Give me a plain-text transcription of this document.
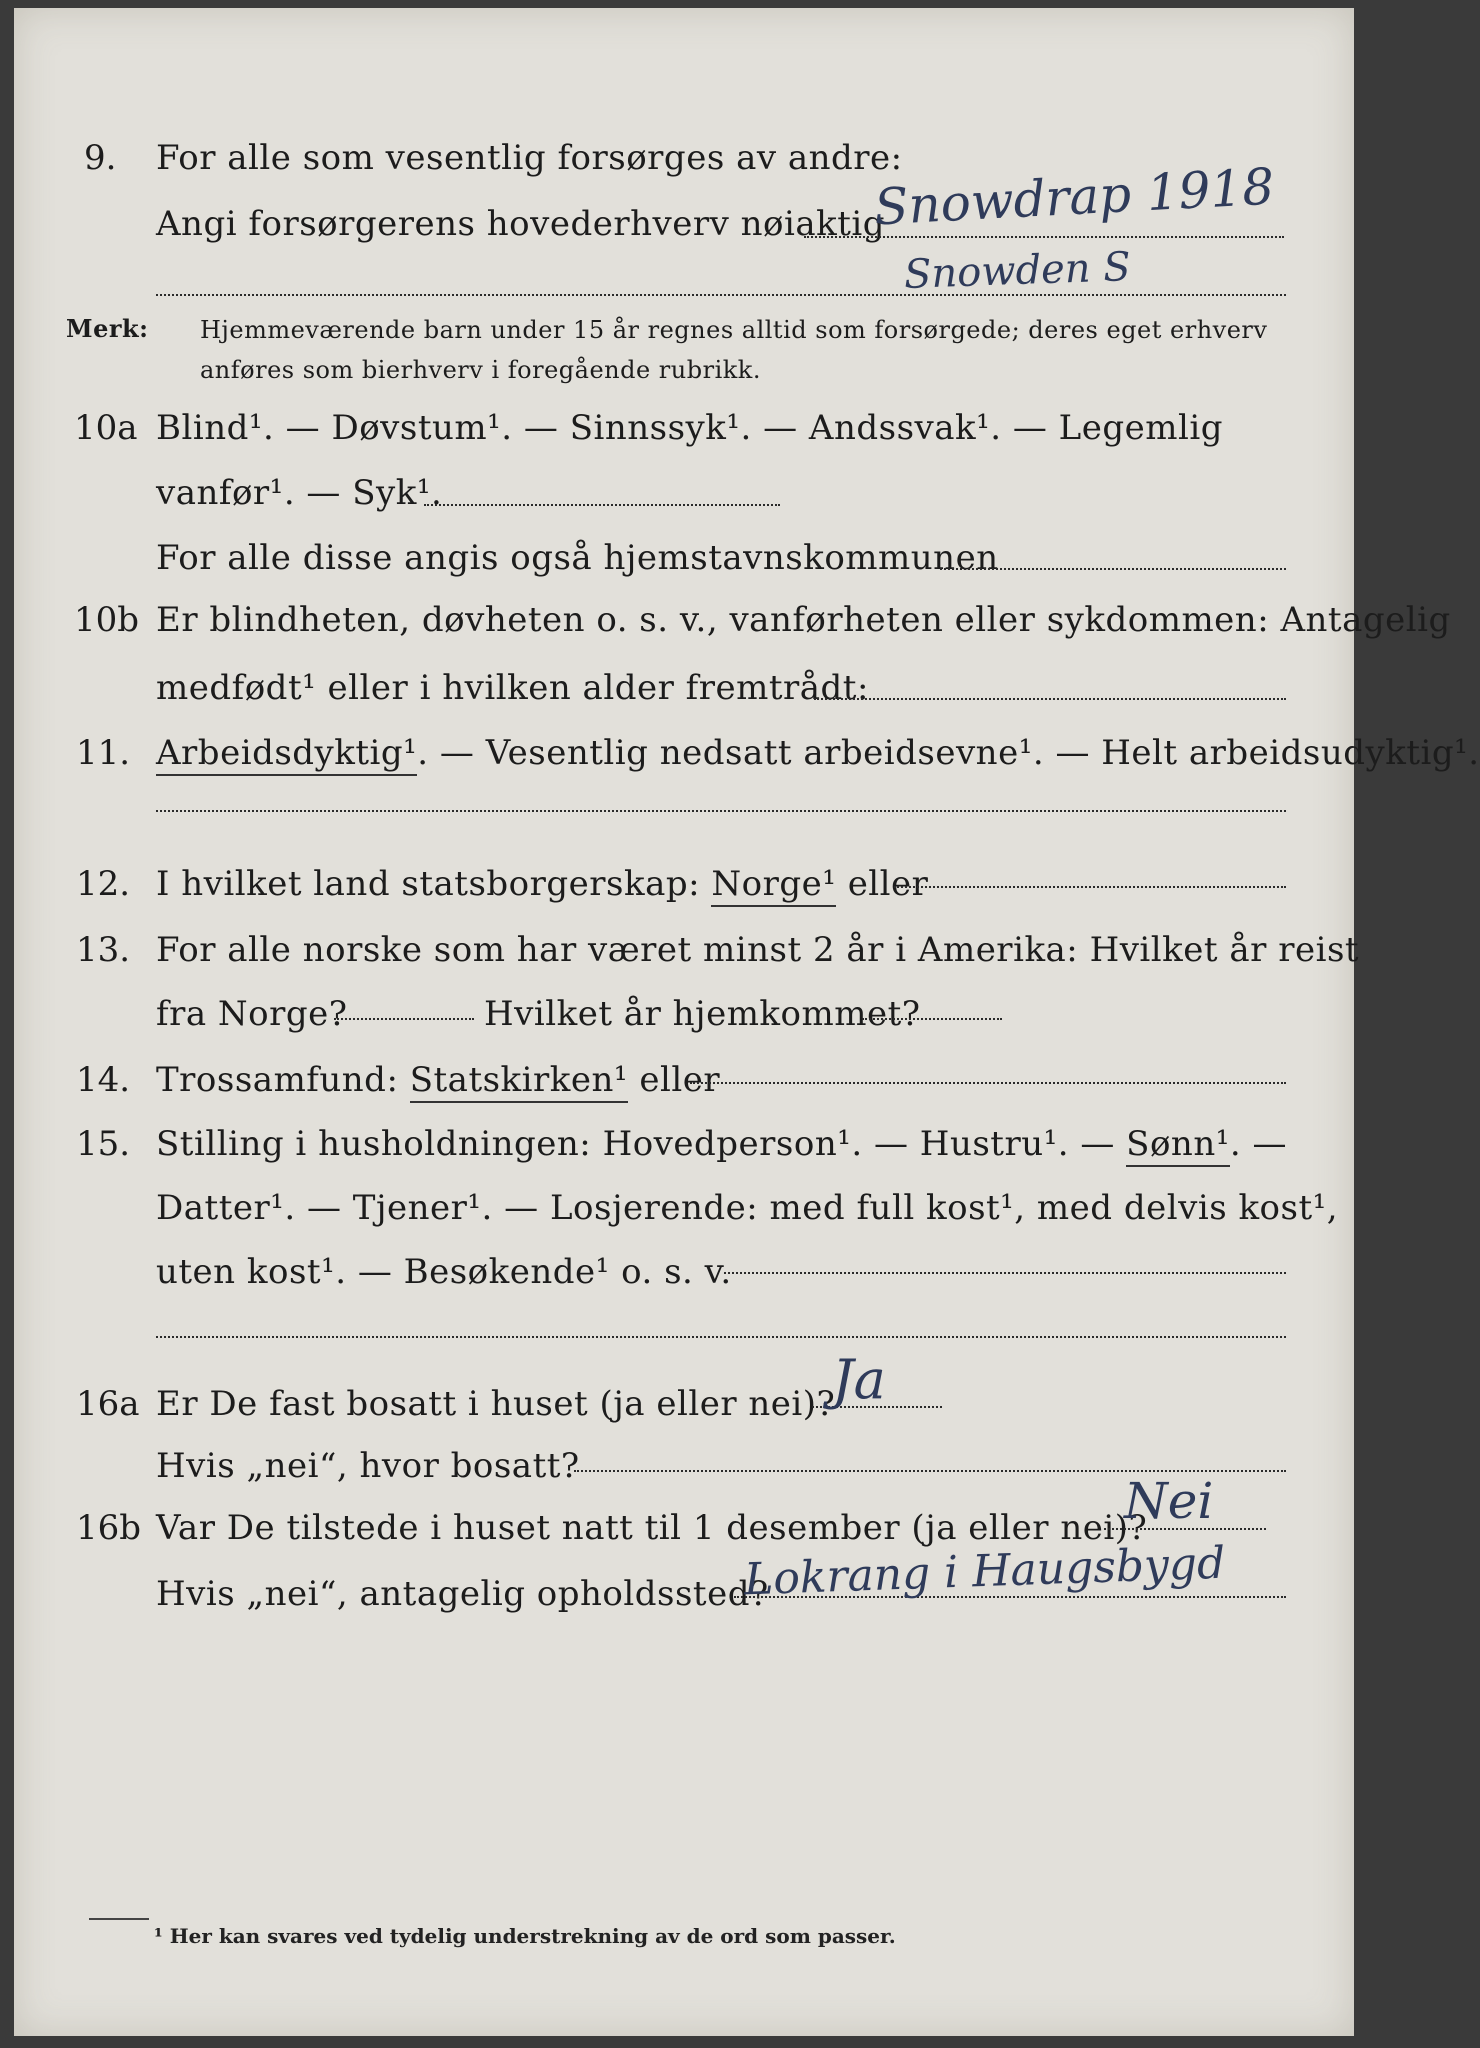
9. For alle som vesentlig forsørges av andre:
Angi forsørgerens hovederhverv nøiaktig
Snowdrap 1918
Snowden S
Merk: Hjemmeværende barn under 15 år regnes alltid som forsørgede; deres eget erhverv
anføres som bierhverv i foregående rubrikk.
10a Blind¹. — Døvstum¹. — Sinnssyk¹. — Andssvak¹. — Legemlig
vanfør¹. — Syk¹.
For alle disse angis også hjemstavnskommunen
10b Er blindheten, døvheten o. s. v., vanførheten eller sykdommen: Antagelig
medfødt¹ eller i hvilken alder fremtrådt:
11. Arbeidsdyktig¹. — Vesentlig nedsatt arbeidsevne¹. — Helt arbeidsudyktig¹.
12. I hvilket land statsborgerskap: Norge¹ eller
13. For alle norske som har været minst 2 år i Amerika: Hvilket år reist
fra Norge?	Hvilket år hjemkommet?
14. Trossamfund: Statskirken¹ eller
15. Stilling i husholdningen: Hovedperson¹. — Hustru¹. — Sønn¹. —
Datter¹. — Tjener¹. — Losjerende: med full kost¹, med delvis kost¹,
uten kost¹. — Besøkende¹ o. s. v.
16a Er De fast bosatt i huset (ja eller nei)?
Ja
Hvis „nei“, hvor bosatt?
16b Var De tilstede i huset natt til 1 desember (ja eller nei)?
Nei
Hvis „nei“, antagelig opholdssted?
Lokrang i Haugsbygd
¹ Her kan svares ved tydelig understrekning av de ord som passer.
